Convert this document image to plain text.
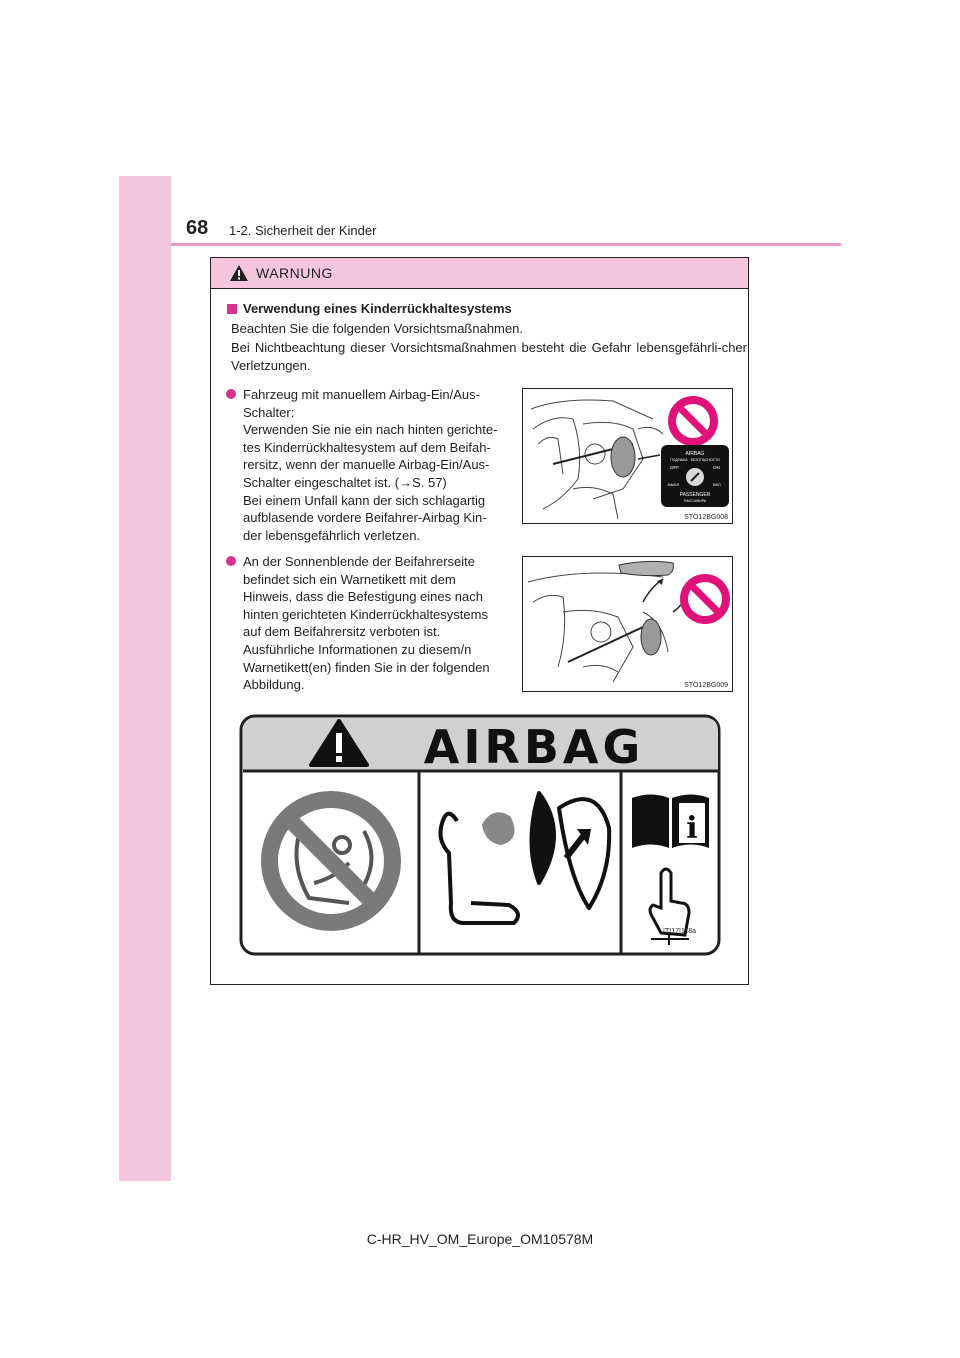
68 1-2. Sicherheit der Kinder
WARNUNG
Verwendung eines Kinderrückhaltesystems
Beachten Sie die folgenden Vorsichtsmaßnahmen.

Bei Nichtbeachtung dieser Vorsichtsmaßnahmen besteht die Gefahr lebensgefährli-cher Verletzungen.

Fahrzeug mit manuellem Airbag-Ein/Aus-
Schalter:
Verwenden Sie nie ein nach hinten gerichte-
tes Kinderrückhaltesystem auf dem Beifah-
rersitz, wenn der manuelle Airbag-Ein/Aus-
Schalter eingeschaltet ist. (→S. 57)
Bei einem Unfall kann der sich schlagartig
aufblasende vordere Beifahrer-Airbag Kin-
der lebensgefährlich verletzen.
An der Sonnenblende der Beifahrerseite
befindet sich ein Warnetikett mit dem
Hinweis, dass die Befestigung eines nach
hinten gerichteten Kinderrückhaltesystems
auf dem Beifahrersitz verboten ist.
Ausführliche Informationen zu diesem/n
Warnetikett(en) finden Sie in der folgenden
Abbildung.
AIRBAG
ПОДУШКА · БЕЗОПАСНОСТИ
OFF	ON
ВЫКЛ	ВКЛ
PASSENGER
ПАССАЖИРА
STO12BG008
STO12BG009
AIRBAG
i
ITI17I118a
C-HR_HV_OM_Europe_OM10578M
